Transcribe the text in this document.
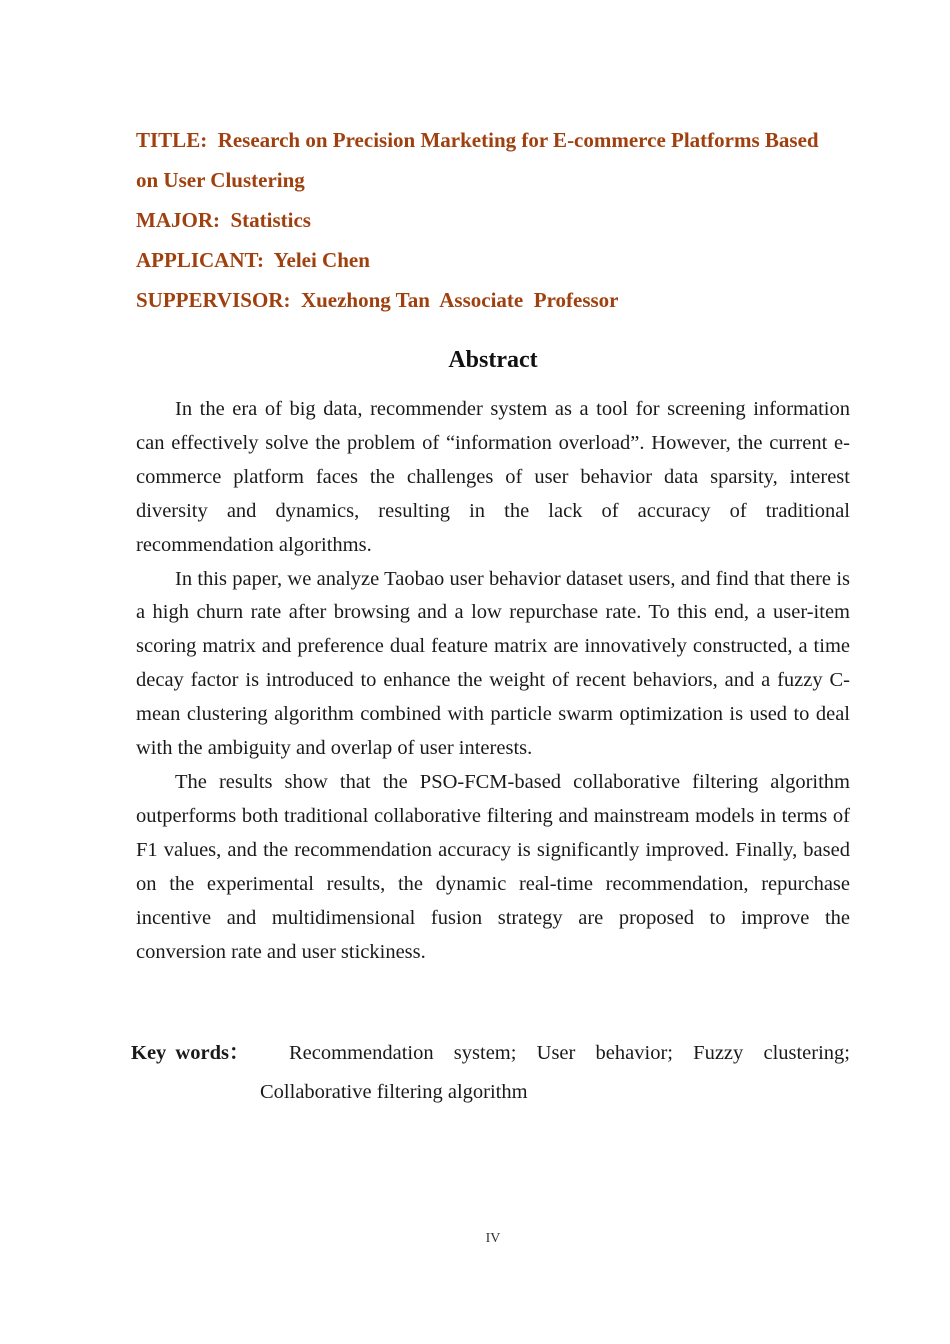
TITLE:  Research on Precision Marketing for E-commerce Platforms Based
on User Clustering
MAJOR:  Statistics
APPLICANT:  Yelei Chen
SUPPERVISOR:  Xuezhong Tan  Associate  Professor
Abstract

In the era of big data, recommender system as a tool for screening information can effectively solve the problem of “information overload”. However, the current e-commerce platform faces the challenges of user behavior data sparsity, interest diversity and dynamics, resulting in the lack of accuracy of traditional recommendation algorithms.

In this paper, we analyze Taobao user behavior dataset users, and find that there is a high churn rate after browsing and a low repurchase rate. To this end, a user-item scoring matrix and preference dual feature matrix are innovatively constructed, a time decay factor is introduced to enhance the weight of recent behaviors, and a fuzzy C-mean clustering algorithm combined with particle swarm optimization is used to deal with the ambiguity and overlap of user interests.

The results show that the PSO-FCM-based collaborative filtering algorithm outperforms both traditional collaborative filtering and mainstream models in terms of F1 values, and the recommendation accuracy is significantly improved. Finally, based on the experimental results, the dynamic real-time recommendation, repurchase incentive and multidimensional fusion strategy are proposed to improve the conversion rate and user stickiness.

Key words：	Recommendation system; User behavior; Fuzzy clustering;
Collaborative filtering algorithm
IV
